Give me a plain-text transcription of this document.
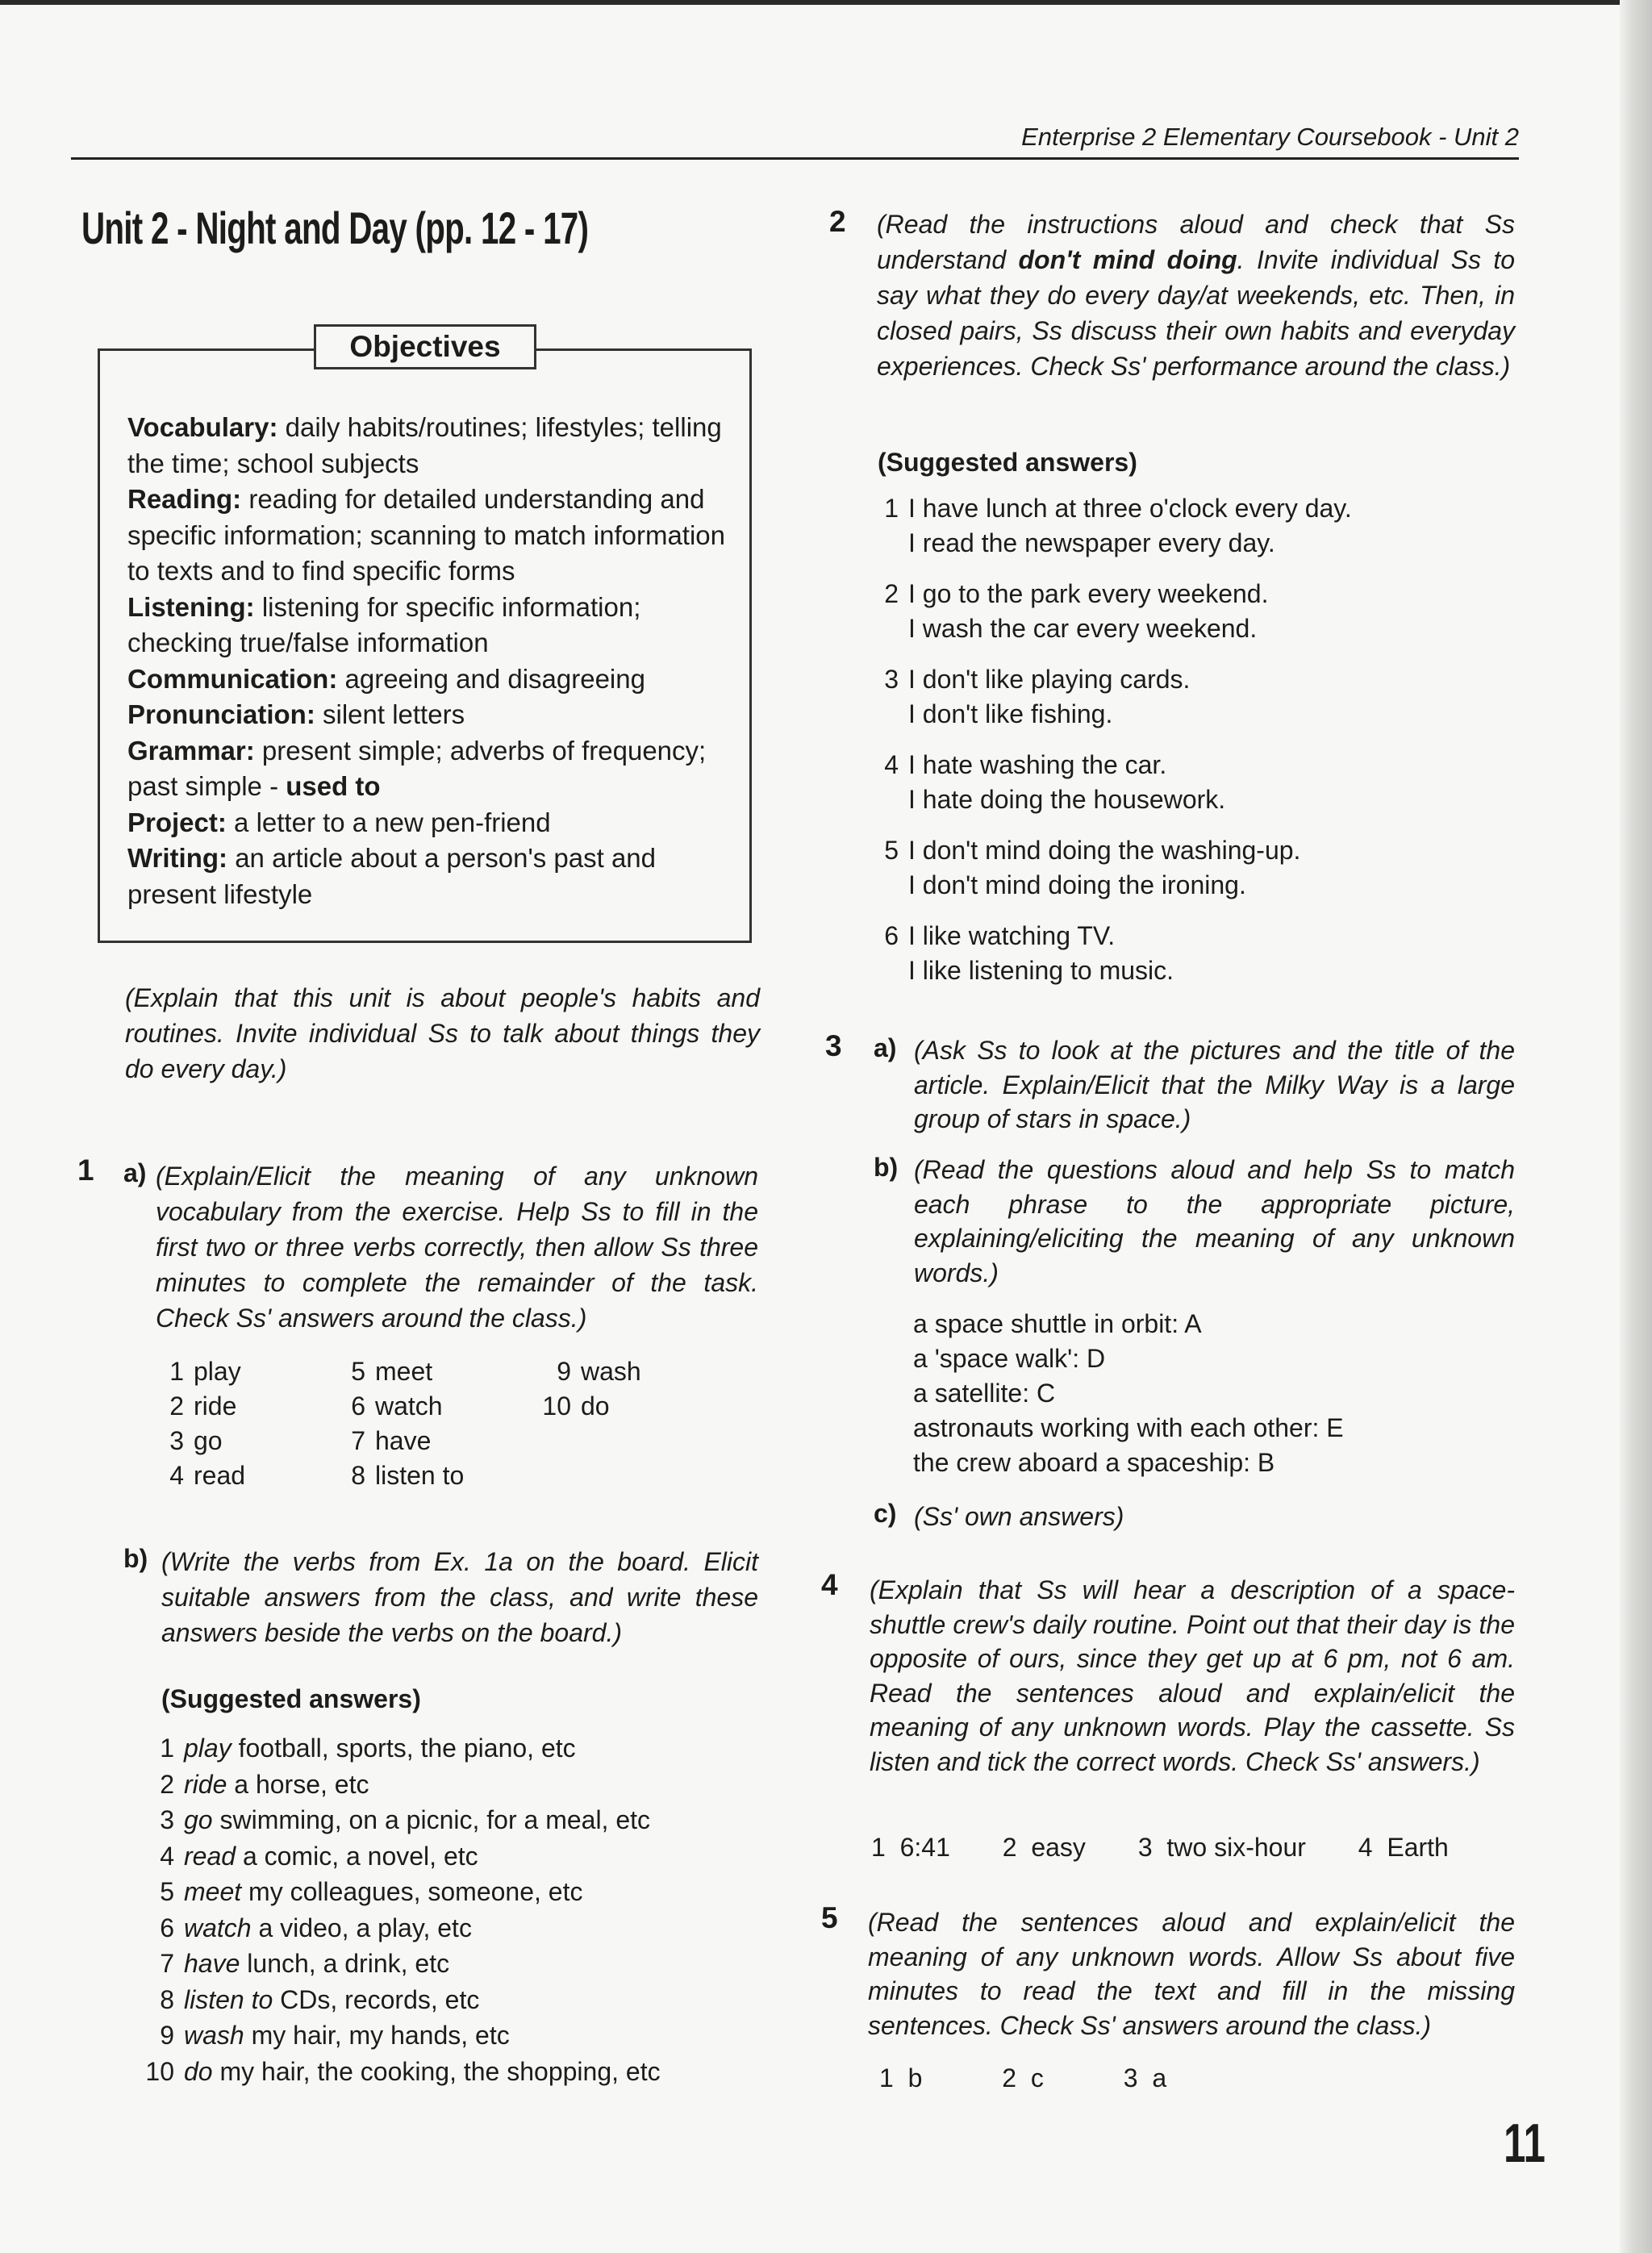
Enterprise 2 Elementary Coursebook - Unit 2
Unit 2 - Night and Day (pp. 12 - 17)
Objectives

Vocabulary: daily habits/routines; lifestyles; telling the time; school subjects

Reading: reading for detailed understanding and specific information; scanning to match information to texts and to find specific forms

Listening: listening for specific information; checking true/false information

Communication: agreeing and disagreeing

Pronunciation: silent letters

Grammar: present simple; adverbs of frequency; past simple - used to

Project: a letter to a new pen-friend

Writing: an article about a person's past and present lifestyle

(Explain that this unit is about people's habits and routines. Invite individual Ss to talk about things they do every day.)
1 a) (Explain/Elicit the meaning of any unknown vocabulary from the exercise. Help Ss to fill in the first two or three verbs correctly, then allow Ss three minutes to complete the remainder of the task. Check Ss' answers around the class.)
1 play
2 ride
3 go
4 read
5 meet
6 watch
7 have
8 listen to
9 wash
10 do
b) (Write the verbs from Ex. 1a on the board. Elicit suitable answers from the class, and write these answers beside the verbs on the board.)
(Suggested answers)
1 play football, sports, the piano, etc
2 ride a horse, etc
3 go swimming, on a picnic, for a meal, etc
4 read a comic, a novel, etc
5 meet my colleagues, someone, etc
6 watch a video, a play, etc
7 have lunch, a drink, etc
8 listen to CDs, records, etc
9 wash my hair, my hands, etc
10 do my hair, the cooking, the shopping, etc
2 (Read the instructions aloud and check that Ss understand don't mind doing. Invite individual Ss to say what they do every day/at weekends, etc. Then, in closed pairs, Ss discuss their own habits and everyday experiences. Check Ss' performance around the class.)
(Suggested answers)
1 I have lunch at three o'clock every day.
I read the newspaper every day.
2 I go to the park every weekend.
I wash the car every weekend.
3 I don't like playing cards.
I don't like fishing.
4 I hate washing the car.
I hate doing the housework.
5 I don't mind doing the washing-up.
I don't mind doing the ironing.
6 I like watching TV.
I like listening to music.
3 a) (Ask Ss to look at the pictures and the title of the article. Explain/Elicit that the Milky Way is a large group of stars in space.)
b) (Read the questions aloud and help Ss to match each phrase to the appropriate picture, explaining/eliciting the meaning of any unknown words.)
a space shuttle in orbit: A
a 'space walk': D
a satellite: C
astronauts working with each other: E
the crew aboard a spaceship: B
c) (Ss' own answers)
4 (Explain that Ss will hear a description of a space-shuttle crew's daily routine. Point out that their day is the opposite of ours, since they get up at 6 pm, not 6 am. Read the sentences aloud and explain/elicit the meaning of any unknown words. Play the cassette. Ss listen and tick the correct words. Check Ss' answers.)
1 6:41 2 easy 3 two six-hour 4 Earth
5 (Read the sentences aloud and explain/elicit the meaning of any unknown words. Allow Ss about five minutes to read the text and fill in the missing sentences. Check Ss' answers around the class.)
1 b	2 c	3 a
11
